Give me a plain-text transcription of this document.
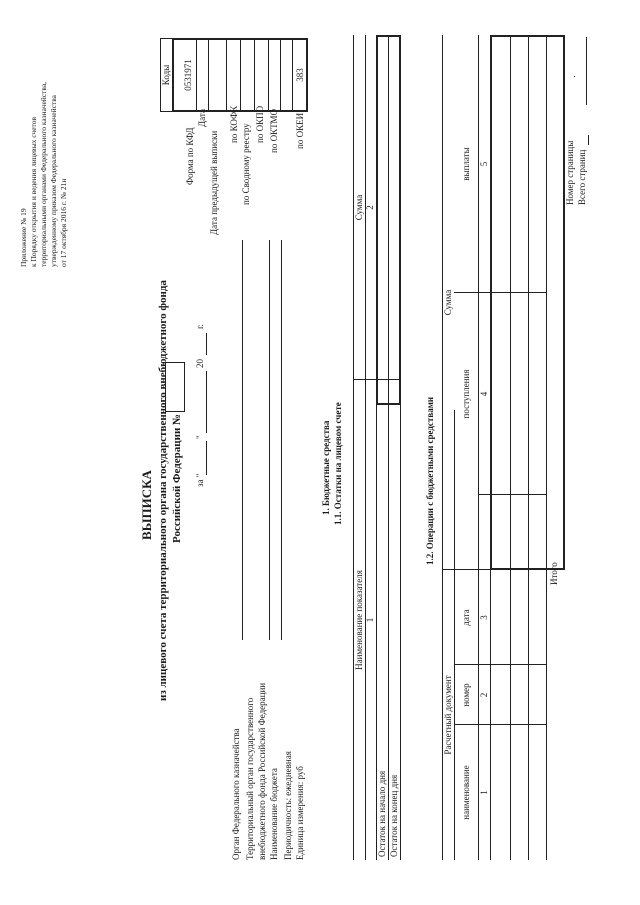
Приложение № 19 к Порядку открытия и ведения лицевых счетов территориальными органами Федерального казначейства, утвержденному приказом Федерального казначейства от 17 октября 2016 г. № 21н
ВЫПИСКА из лицевого счета территориального органа государственного внебюджетного фонда Российской Федерации № за "
"
20
г.
Орган Федерального казначейства Территориальный орган государственного внебюджетного фонда Российской Федерации Наименование бюджета Периодичность: ежедневная Единица измерения: руб
Форма по КФД
Дата
Дата предыдущей выписки
по КОФК по Сводному реестру по ОКПО по ОКТМО по ОКЕИ
Коды 0531971	383
1. Бюджетные средства 1.1. Остатки на лицевом счете
Наименование показателя
Сумма
1
2
Остаток на начало дня Остаток на конец дня
1.2. Операции с бюджетными средствами
Расчетный документ
Сумма
наименование
номер
дата
поступления
выплаты
1
2
3
4
5
Итого
Номер страницы Всего страниц
